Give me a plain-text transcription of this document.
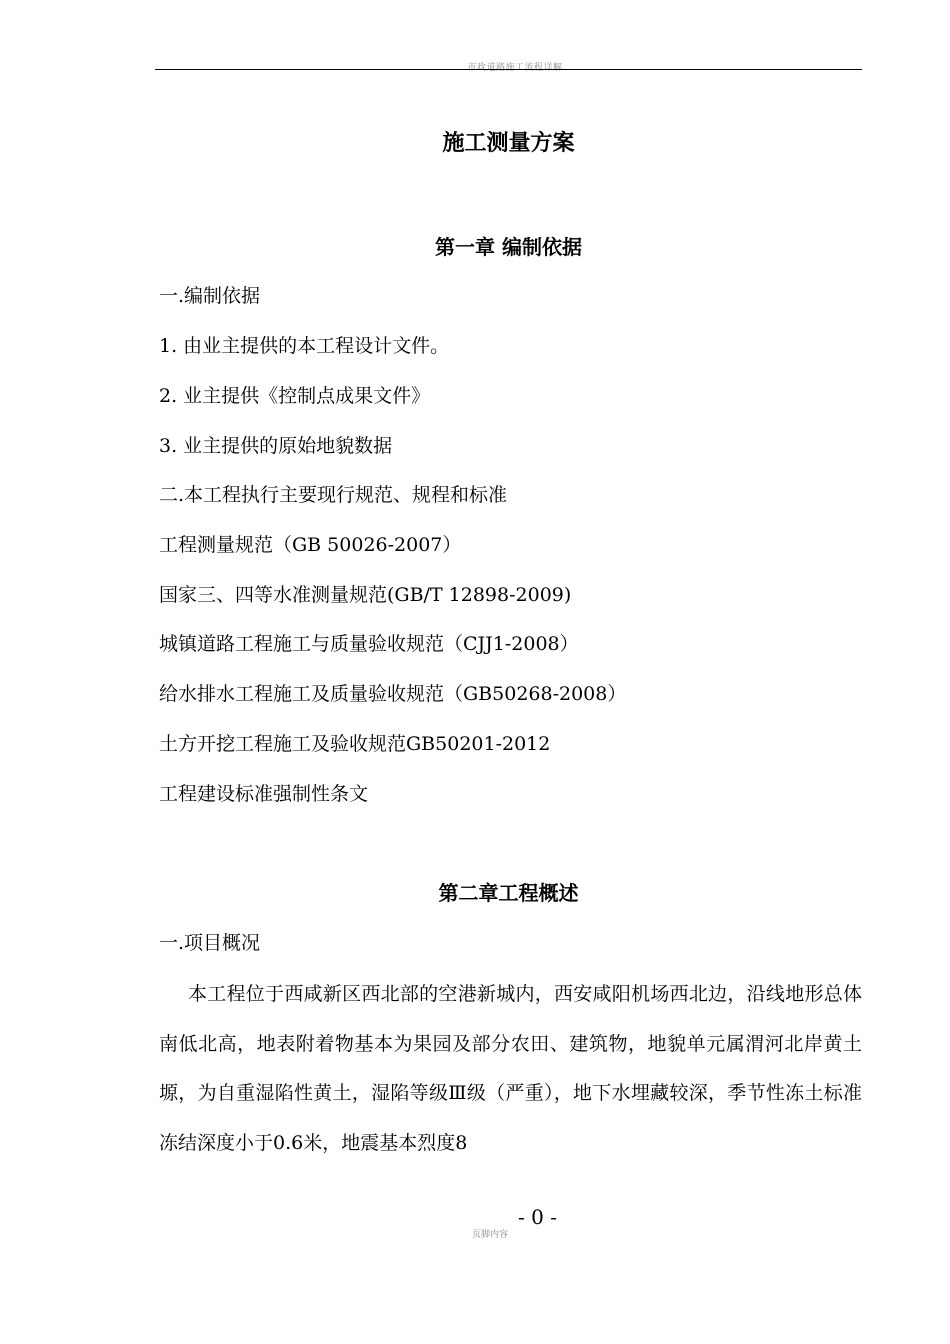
市政道路施工流程详解
施工测量方案
第一章 编制依据
一.编制依据
1. 由业主提供的本工程设计文件。
2. 业主提供《控制点成果文件》
3. 业主提供的原始地貌数据
二.本工程执行主要现行规范、规程和标准
工程测量规范（GB 50026-2007）
国家三、四等水准测量规范(GB/T 12898-2009)
城镇道路工程施工与质量验收规范（CJJ1-2008）
给水排水工程施工及质量验收规范（GB50268-2008）
土方开挖工程施工及验收规范GB50201-2012
工程建设标准强制性条文
第二章工程概述
一.项目概况
本工程位于西咸新区西北部的空港新城内，西安咸阳机场西北边，沿线地形总体南低北高，地表附着物基本为果园及部分农田、建筑物，地貌单元属渭河北岸黄土塬，为自重湿陷性黄土，湿陷等级Ⅲ级（严重），地下水埋藏较深，季节性冻土标准冻结深度小于0.6米，地震基本烈度8
- 0 -
页脚内容
